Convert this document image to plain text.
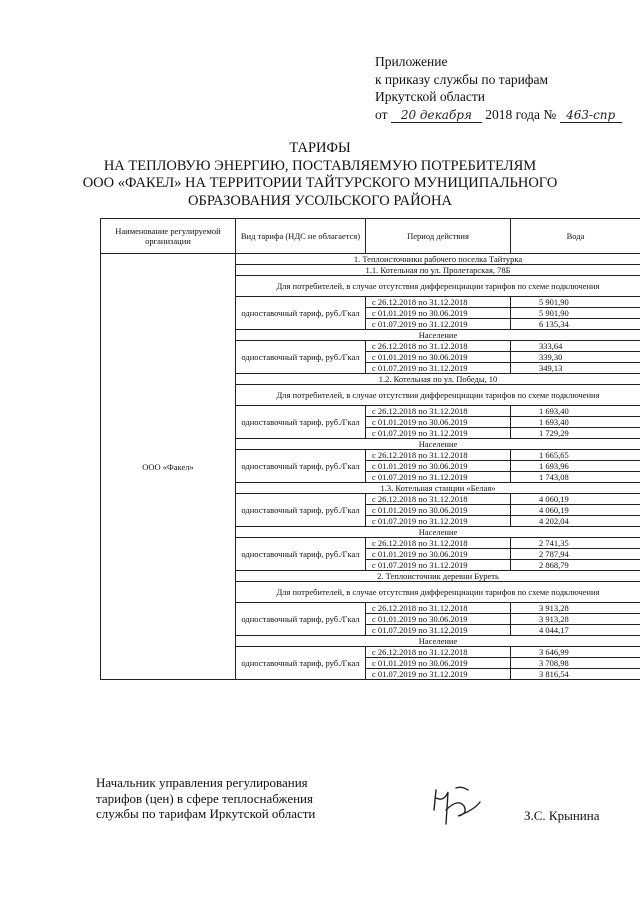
Приложение
к приказу службы по тарифам
Иркутской области
от 20 декабря 2018 года № 463-спр
ТАРИФЫ
НА ТЕПЛОВУЮ ЭНЕРГИЮ, ПОСТАВЛЯЕМУЮ ПОТРЕБИТЕЛЯМ
ООО «ФАКЕЛ» НА ТЕРРИТОРИИ ТАЙТУРСКОГО МУНИЦИПАЛЬНОГО
ОБРАЗОВАНИЯ УСОЛЬСКОГО РАЙОНА
Наименование регулируемой организации	Вид тарифа (НДС не облагается)	Период действия	Вода
ООО «Факел»	1. Теплоисточники рабочего поселка Тайтурка		
	1.1. Котельная по ул. Пролетарская, 78Б		
	Для потребителей, в случае отсутствия дифференциации тарифов по схеме подключения		
	одноставочный тариф, руб./Гкал	с 26.12.2018 по 31.12.2018	5 901,90
		с 01.01.2019 по 30.06.2019	5 901,90
		с 01.07.2019 по 31.12.2019	6 135,34
	Население		
	одноставочный тариф, руб./Гкал	с 26.12.2018 по 31.12.2018	333,64
		с 01.01.2019 по 30.06.2019	339,30
		с 01.07.2019 по 31.12.2019	349,13
	1.2. Котельная по ул. Победы, 10		
	Для потребителей, в случае отсутствия дифференциации тарифов по схеме подключения		
	одноставочный тариф, руб./Гкал	с 26.12.2018 по 31.12.2018	1 693,40
		с 01.01.2019 по 30.06.2019	1 693,40
		с 01.07.2019 по 31.12.2019	1 729,29
	Население		
	одноставочный тариф, руб./Гкал	с 26.12.2018 по 31.12.2018	1 665,65
		с 01.01.2019 по 30.06.2019	1 693,96
		с 01.07.2019 по 31.12.2019	1 743,08
	1.3. Котельная станции «Белая»		
	одноставочный тариф, руб./Гкал	с 26.12.2018 по 31.12.2018	4 060,19
		с 01.01.2019 по 30.06.2019	4 060,19
		с 01.07.2019 по 31.12.2019	4 202,04
	Население		
	одноставочный тариф, руб./Гкал	с 26.12.2018 по 31.12.2018	2 741,35
		с 01.01.2019 по 30.06.2019	2 787,94
		с 01.07.2019 по 31.12.2019	2 868,79
	2. Теплоисточник деревни Буреть		
	Для потребителей, в случае отсутствия дифференциации тарифов по схеме подключения		
	одноставочный тариф, руб./Гкал	с 26.12.2018 по 31.12.2018	3 913,28
		с 01.01.2019 по 30.06.2019	3 913,28
		с 01.07.2019 по 31.12.2019	4 044,17
	Население		
	одноставочный тариф, руб./Гкал	с 26.12.2018 по 31.12.2018	3 646,99
		с 01.01.2019 по 30.06.2019	3 708,98
		с 01.07.2019 по 31.12.2019	3 816,54
Начальник управления регулирования
тарифов (цен) в сфере теплоснабжения
службы по тарифам Иркутской области	З.С. Крынина
